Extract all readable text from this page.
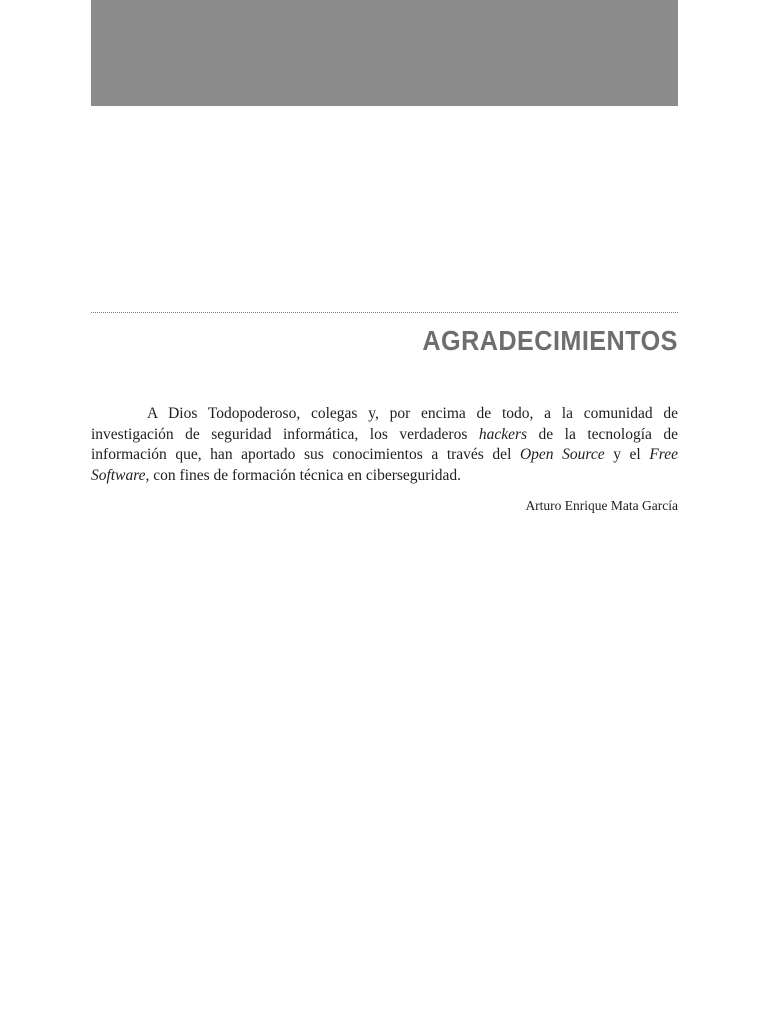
AGRADECIMIENTOS

A Dios Todopoderoso, colegas y, por encima de todo, a la comunidad de investigación de seguridad informática, los verdaderos hackers de la tecnología de información que, han aportado sus conocimientos a través del Open Source y el Free Software, con fines de formación técnica en ciberseguridad.

Arturo Enrique Mata García
